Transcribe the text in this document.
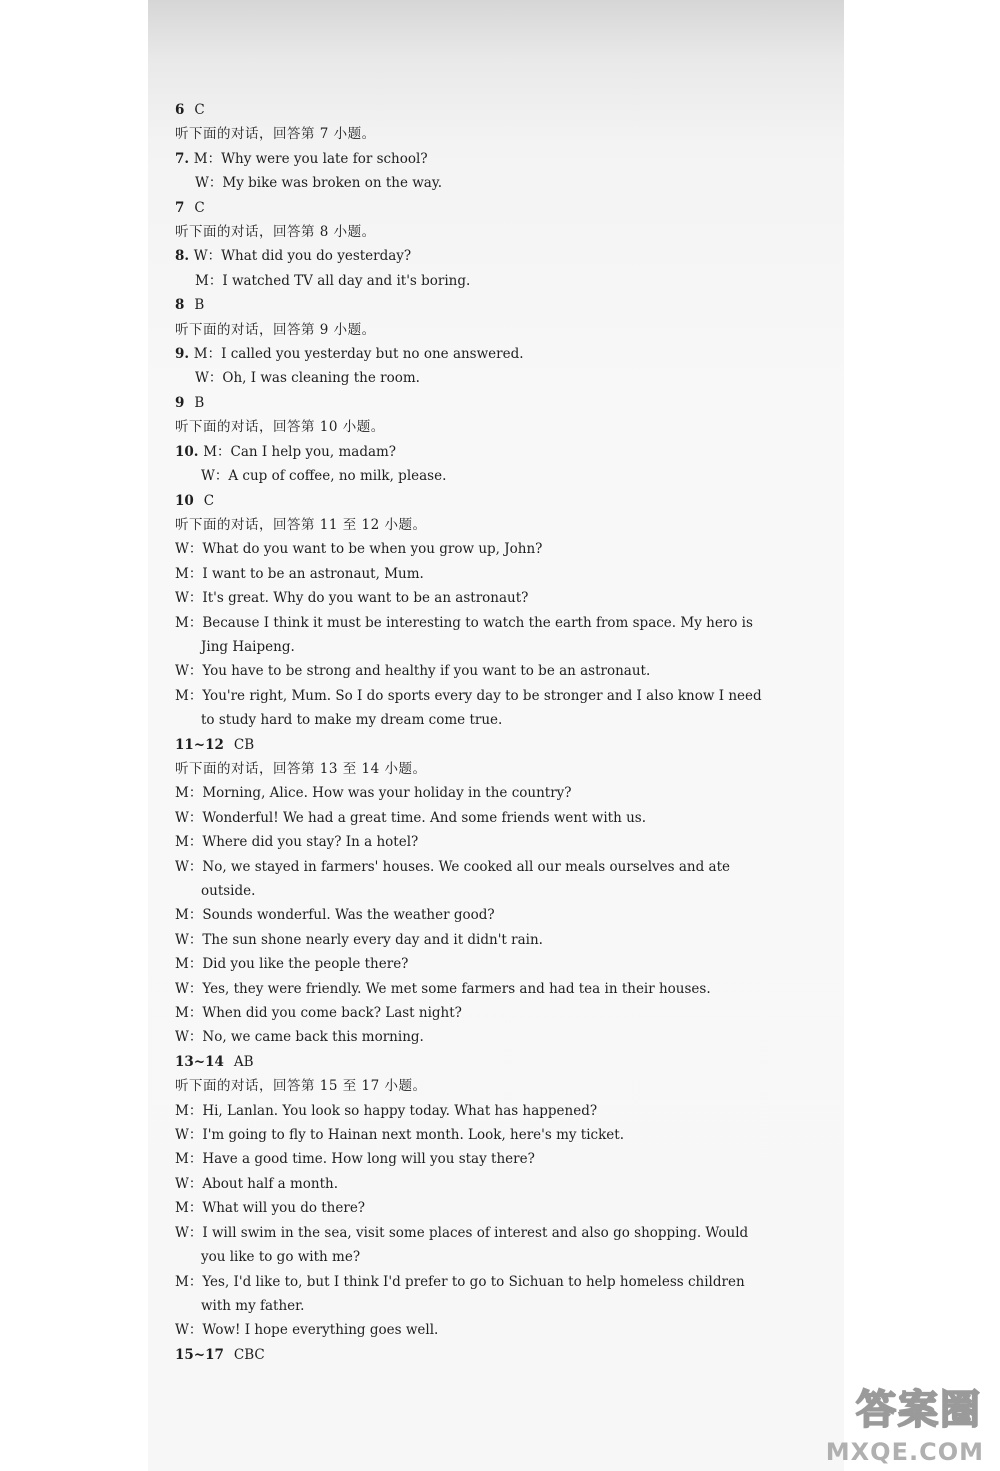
6 C
听下面的对话，回答第 7 小题。
7. M：Why were you late for school?
W：My bike was broken on the way.
7 C
听下面的对话，回答第 8 小题。
8. W：What did you do yesterday?
M：I watched TV all day and it's boring.
8 B
听下面的对话，回答第 9 小题。
9. M：I called you yesterday but no one answered.
W：Oh, I was cleaning the room.
9 B
听下面的对话，回答第 10 小题。
10. M：Can I help you, madam?
W：A cup of coffee, no milk, please.
10 C
听下面的对话，回答第 11 至 12 小题。
W：What do you want to be when you grow up, John?
M：I want to be an astronaut, Mum.
W：It's great. Why do you want to be an astronaut?
M：Because I think it must be interesting to watch the earth from space. My hero is Jing Haipeng.
W：You have to be strong and healthy if you want to be an astronaut.
M：You're right, Mum. So I do sports every day to be stronger and I also know I need to study hard to make my dream come true.
11~12 CB
听下面的对话，回答第 13 至 14 小题。
M：Morning, Alice. How was your holiday in the country?
W：Wonderful! We had a great time. And some friends went with us.
M：Where did you stay? In a hotel?
W：No, we stayed in farmers' houses. We cooked all our meals ourselves and ate outside.
M：Sounds wonderful. Was the weather good?
W：The sun shone nearly every day and it didn't rain.
M：Did you like the people there?
W：Yes, they were friendly. We met some farmers and had tea in their houses.
M：When did you come back? Last night?
W：No, we came back this morning.
13~14 AB
听下面的对话，回答第 15 至 17 小题。
M：Hi, Lanlan. You look so happy today. What has happened?
W：I'm going to fly to Hainan next month. Look, here's my ticket.
M：Have a good time. How long will you stay there?
W：About half a month.
M：What will you do there?
W：I will swim in the sea, visit some places of interest and also go shopping. Would you like to go with me?
M：Yes, I'd like to, but I think I'd prefer to go to Sichuan to help homeless children with my father.
W：Wow! I hope everything goes well.
15~17 CBC
答案圈
MXQE.COM
